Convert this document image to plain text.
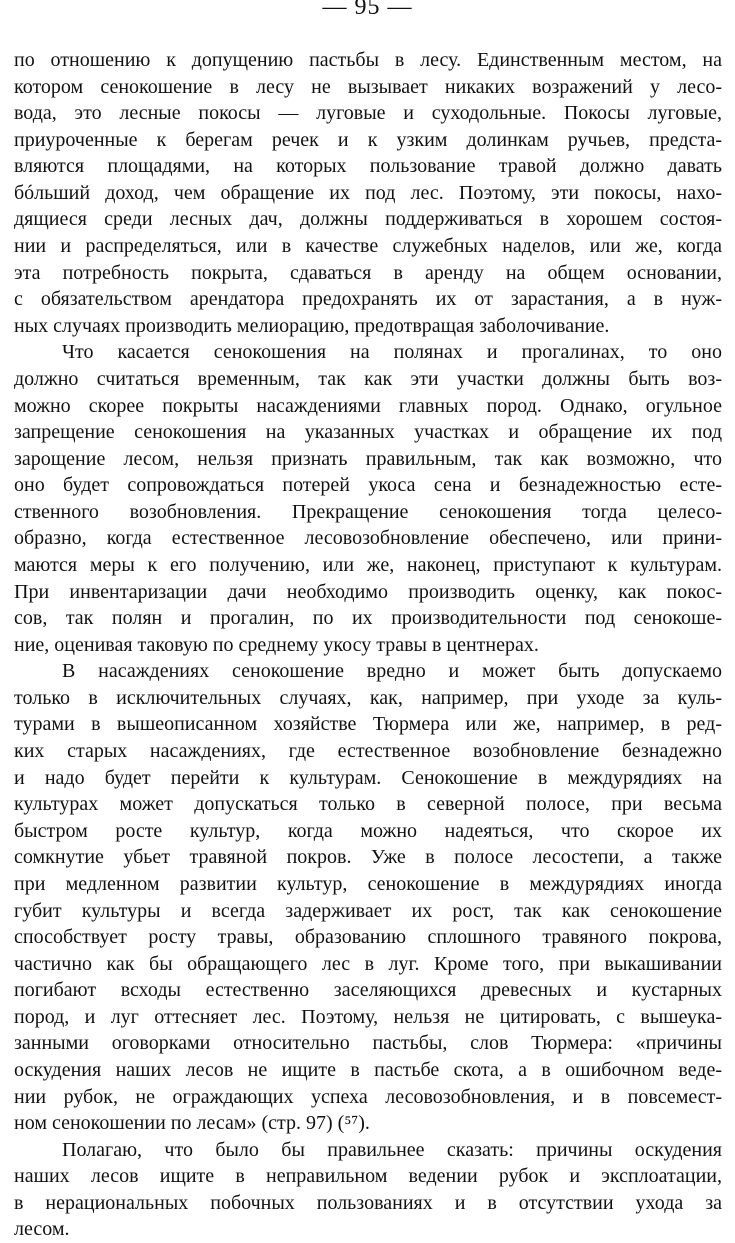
— 95 —
по отношению к допущению пастьбы в лесу. Единственным местом, на
котором сенокошение в лесу не вызывает никаких возражений у лесо-
вода, это лесные покосы — луговые и суходольные. Покосы луговые,
приуроченные к берегам речек и к узким долинкам ручьев, предста-
вляются площадями, на которых пользование травой должно давать
бóльший доход, чем обращение их под лес. Поэтому, эти покосы, нахо-
дящиеся среди лесных дач, должны поддерживаться в хорошем состоя-
нии и распределяться, или в качестве служебных наделов, или же, когда
эта потребность покрыта, сдаваться в аренду на общем основании,
с обязательством арендатора предохранять их от зарастания, а в нуж-
ных случаях производить мелиорацию, предотвращая заболочивание.
Что касается сенокошения на полянах и прогалинах, то оно
должно считаться временным, так как эти участки должны быть воз-
можно скорее покрыты насаждениями главных пород. Однако, огульное
запрещение сенокошения на указанных участках и обращение их под
зарощение лесом, нельзя признать правильным, так как возможно, что
оно будет сопровождаться потерей укоса сена и безнадежностью есте-
ственного возобновления. Прекращение сенокошения тогда целесо-
образно, когда естественное лесовозобновление обеспечено, или прини-
маются меры к его получению, или же, наконец, приступают к культурам.
При инвентаризации дачи необходимо производить оценку, как покос-
сов, так полян и прогалин, по их производительности под сенокоше-
ние, оценивая таковую по среднему укосу травы в центнерах.
В насаждениях сенокошение вредно и может быть допускаемо
только в исключительных случаях, как, например, при уходе за куль-
турами в вышеописанном хозяйстве Тюрмера или же, например, в ред-
ких старых насаждениях, где естественное возобновление безнадежно
и надо будет перейти к культурам. Сенокошение в междурядиях на
культурах может допускаться только в северной полосе, при весьма
быстром росте культур, когда можно надеяться, что скорое их
сомкнутие убьет травяной покров. Уже в полосе лесостепи, а также
при медленном развитии культур, сенокошение в междурядиях иногда
губит культуры и всегда задерживает их рост, так как сенокошение
способствует росту травы, образованию сплошного травяного покрова,
частично как бы обращающего лес в луг. Кроме того, при выкашивании
погибают всходы естественно заселяющихся древесных и кустарных
пород, и луг оттесняет лес. Поэтому, нельзя не цитировать, с вышеука-
занными оговорками относительно пастьбы, слов Тюрмера: «причины
оскудения наших лесов не ищите в пастьбе скота, а в ошибочном веде-
нии рубок, не ограждающих успеха лесовозобновления, и в повсемест-
ном сенокошении по лесам» (стр. 97) (⁵⁷).
Полагаю, что было бы правильнее сказать: причины оскудения
наших лесов ищите в неправильном ведении рубок и эксплоатации,
в нерациональных побочных пользованиях и в отсутствии ухода за
лесом.
